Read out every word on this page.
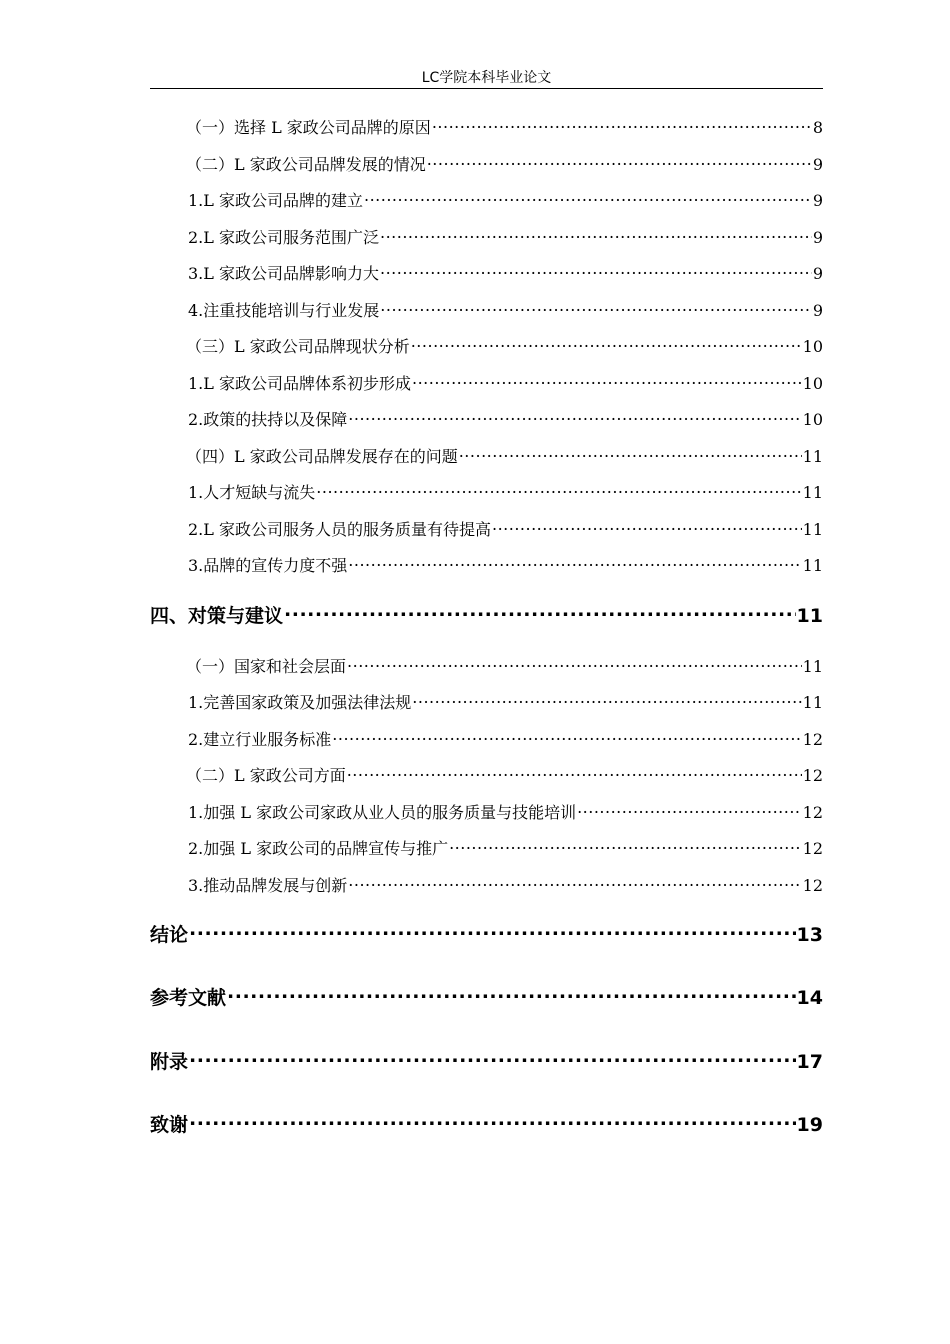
LC学院本科毕业论文
（一）选择 L 家政公司品牌的原因 .....	8
（二）L 家政公司品牌发展的情况 .....	9
1.L 家政公司品牌的建立 .....	9
2.L 家政公司服务范围广泛 .....	9
3.L 家政公司品牌影响力大 .....	9
4.注重技能培训与行业发展 .....	9
（三）L 家政公司品牌现状分析 .....	10
1.L 家政公司品牌体系初步形成 .....	10
2.政策的扶持以及保障 .....	10
（四）L 家政公司品牌发展存在的问题 .....	11
1.人才短缺与流失 .....	11
2.L 家政公司服务人员的服务质量有待提高 .....	11
3.品牌的宣传力度不强 .....	11
四、对策与建议 .....	11
（一）国家和社会层面 .....	11
1.完善国家政策及加强法律法规 .....	11
2.建立行业服务标准 .....	12
（二）L 家政公司方面 .....	12
1.加强 L 家政公司家政从业人员的服务质量与技能培训 .....	12
2.加强 L 家政公司的品牌宣传与推广 .....	12
3.推动品牌发展与创新 .....	12
结论 .....	13
参考文献 .....	14
附录 .....	17
致谢 .....	19
